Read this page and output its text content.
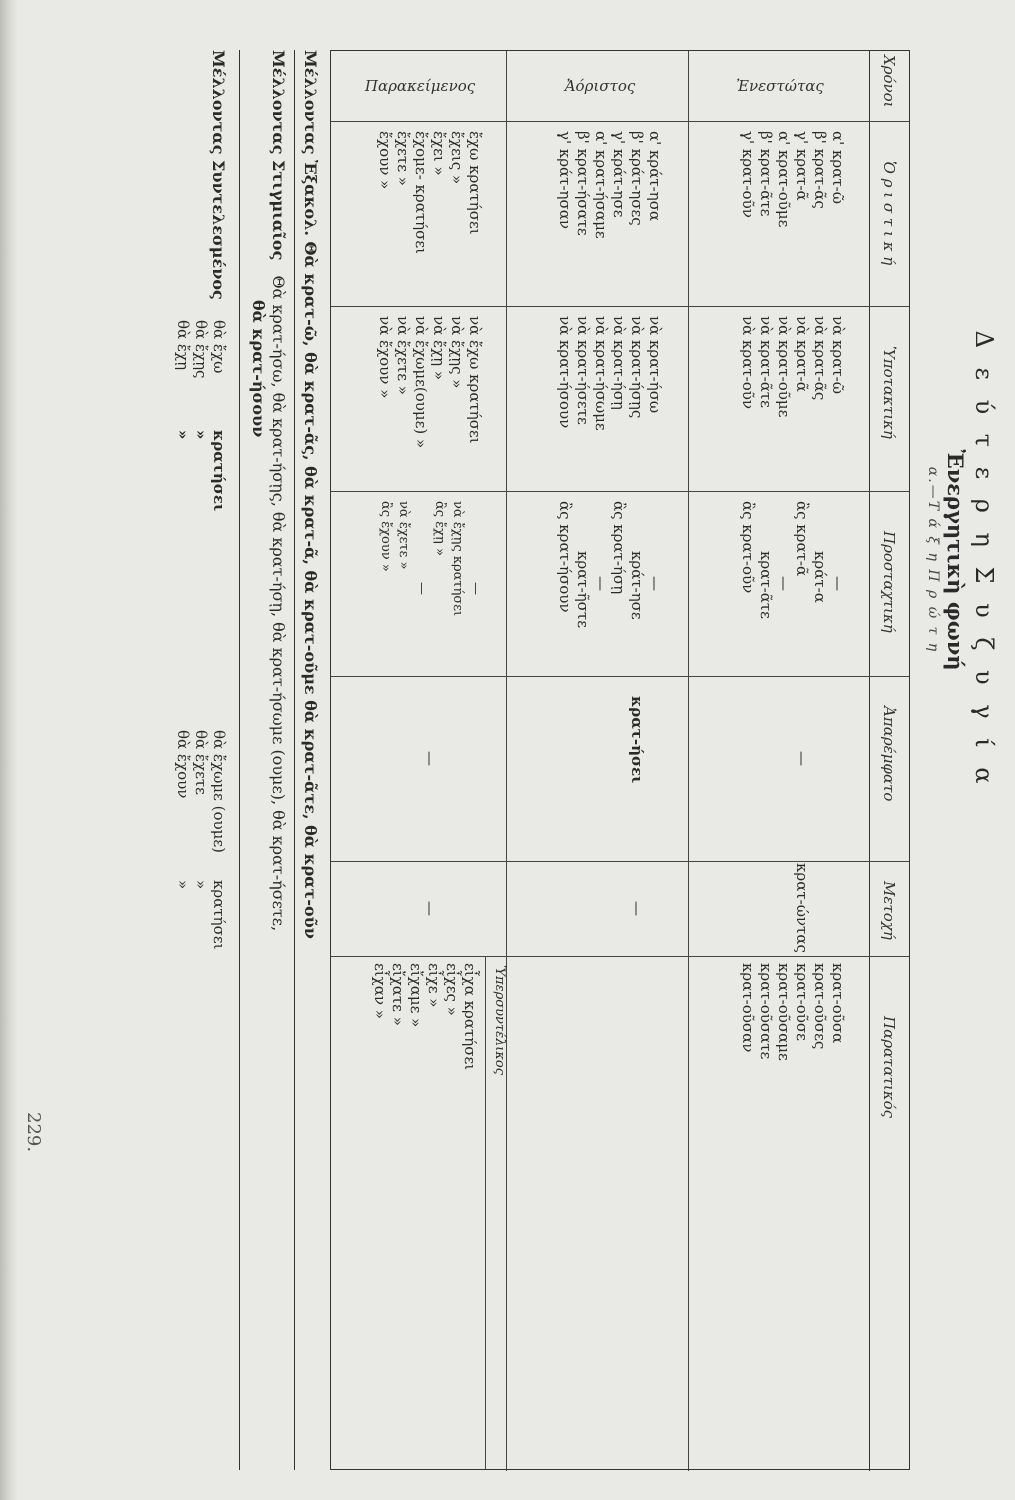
229.
Δ ε ύ τ ε ρ η Σ υ ζ υ γ ί α
Ἐνεργητικὴ φωνή
α.—Τ ά ξ η Π ρ ώ τ η
Χρόνοι
Ὁ ρ ι σ τ ι κ ή
Ὑποτακτική
Προσταχτική
Ἀπαρέμφατο
Μετοχή
Παρατατικός
Ἐνεστώτας
α' κρατ-ῶ
β' κρατ-ᾶς
γ' κρατ-ᾶ
α' κρατ-οῦμε
β' κρατ-ᾶτε
γ' κρατ-οῦν
νὰ κρατ-ῶ
νὰ κρατ-ᾶς
νὰ κρατ-ᾶ
νὰ κρατ-οῦμε
νὰ κρατ-ᾶτε
νὰ κρατ-οῦν
—
κράτ-α
ἂς κρατ-ᾶ
—
κρατ-ᾶτε
ἂς κρατ-οῦν
—
κρατ-ώντας
κρατ-οῦσα
κρατ-οῦσες
κρατ-οῦσε
κρατ-οῦσαμε
κρατ-οῦσατε
κρατ-οῦσαν
Ἀόριστος
α' κράτ-ησα
β' κράτ-ησες
γ' κράτ-ησε
α' κρατ-ήσαμε
β' κρατ-ήσατε
γ' κράτ-ησαν
νὰ κρατ-ήσω
νὰ κρατ-ήσῃς
νὰ κρατ-ήσῃ
νὰ κρατ-ήσωμε
νὰ κρατ-ήσετε
νὰ κρατ-ήσουν
—
κράτ-ησε
ἂς κρατ-ήσῃ
—
κρατ-ῆστε
ἂς κρατ-ήσουν
κρατ-ήσει
—
Παρακείμενος
ἔχω κρατήσει
ἔχεις »
ἔχει »
ἔχομε- κρατήσει
ἔχετε »
ἔχουν »
νὰ ἔχω κρατήσει
νὰ ἔχῃς »
νὰ ἔχῃ »
νὰ ἔχωμε(ουμε) »
νὰ ἔχετε »
νὰ ἔχουν »
—
νὰ ἔχῃς κρατήσει
ἂς ἔχῃ »
—
νὰ ἔχετε »
ἂς ἔχουν »
—
—
Ὑπερσυντέλικος
εἶχα κρατήσει
εἶχες »
εἶχε »
εἴχαμε »
εἴχατε »
εἶχαν »
Μέλλοντας Ἐξακολ. Θὰ κρατ-ῶ, θὰ κρατ-ᾶς, θὰ κρατ-ᾶ, θὰ κρατ-οῦμε θὰ κρατ-ᾶτε, θὰ κρατ-οῦν
Μέλλοντας Στιγμιαῖος Θὰ κρατ-ήσω, θὰ κρατ-ήσῃς, θὰ κρατ-ήσῃ, θὰ κρατ-ήσωμε (ουμε), θὰ κρατ-ήσετε,
θὰ κρατ-ήσουν
Μέλλοντας Συντελεσμένος
θὰ ἔχω
θὰ ἔχῃς
θὰ ἔχῃ
κρατήσει
»
»
θὰ ἔχωμε (ουμε)
θὰ ἔχετε
θὰ ἔχουν
κρατήσει
»
»
